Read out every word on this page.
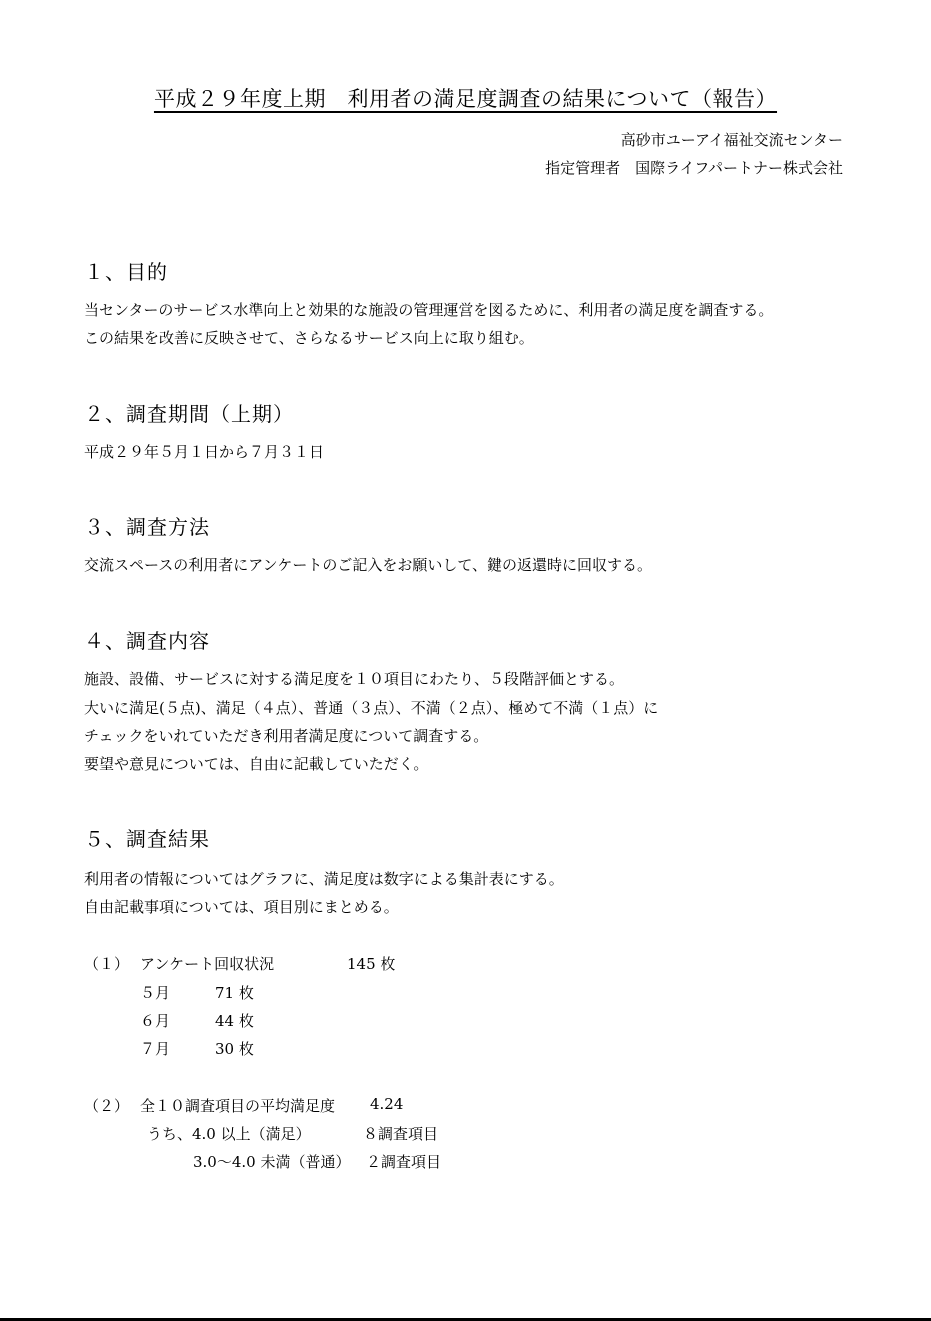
平成２９年度上期　利用者の満足度調査の結果について（報告）
高砂市ユーアイ福祉交流センター
指定管理者　国際ライフパートナー株式会社
１、目的
当センターのサービス水準向上と効果的な施設の管理運営を図るために、利用者の満足度を調査する。
この結果を改善に反映させて、さらなるサービス向上に取り組む。
２、調査期間（上期）
平成２９年５月１日から７月３１日
３、調査方法
交流スペースの利用者にアンケートのご記入をお願いして、鍵の返還時に回収する。
４、調査内容
施設、設備、サービスに対する満足度を１０項目にわたり、５段階評価とする。
大いに満足(５点)、満足（４点）、普通（３点）、不満（２点）、極めて不満（１点）に
チェックをいれていただき利用者満足度について調査する。
要望や意見については、自由に記載していただく。
５、調査結果
利用者の情報についてはグラフに、満足度は数字による集計表にする。
自由記載事項については、項目別にまとめる。
（１） アンケート回収状況	145 枚
５月	71 枚
６月	44 枚
７月	30 枚
（２） 全１０調査項目の平均満足度 4.24
うち、4.0 以上（満足）	８調査項目
3.0～4.0 未満（普通） ２調査項目
